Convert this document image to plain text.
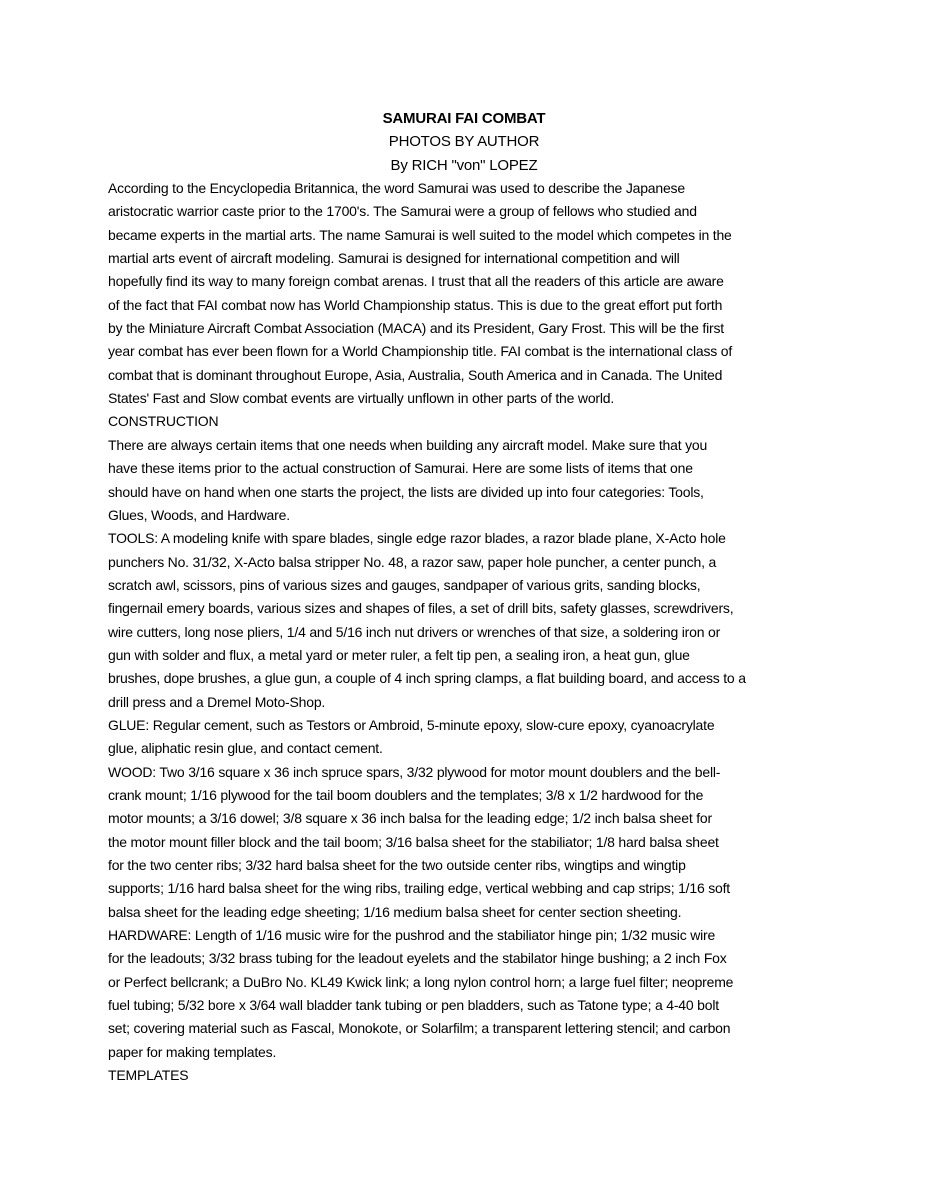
SAMURAI FAI COMBAT
PHOTOS BY AUTHOR
By RICH "von" LOPEZ
According to the Encyclopedia Britannica, the word Samurai was used to describe the Japanese
aristocratic warrior caste prior to the 1700's. The Samurai were a group of fellows who studied and
became experts in the martial arts. The name Samurai is well suited to the model which competes in the
martial arts event of aircraft modeling. Samurai is designed for international competition and will
hopefully find its way to many foreign combat arenas. I trust that all the readers of this article are aware
of the fact that FAI combat now has World Championship status. This is due to the great effort put forth
by the Miniature Aircraft Combat Association (MACA) and its President, Gary Frost. This will be the first
year combat has ever been flown for a World Championship title. FAI combat is the international class of
combat that is dominant throughout Europe, Asia, Australia, South America and in Canada. The United
States' Fast and Slow combat events are virtually unflown in other parts of the world.
CONSTRUCTION
There are always certain items that one needs when building any aircraft model. Make sure that you
have these items prior to the actual construction of Samurai. Here are some lists of items that one
should have on hand when one starts the project, the lists are divided up into four categories: Tools,
Glues, Woods, and Hardware.
TOOLS: A modeling knife with spare blades, single edge razor blades, a razor blade plane, X-Acto hole
punchers No. 31/32, X-Acto balsa stripper No. 48, a razor saw, paper hole puncher, a center punch, a
scratch awl, scissors, pins of various sizes and gauges, sandpaper of various grits, sanding blocks,
fingernail emery boards, various sizes and shapes of files, a set of drill bits, safety glasses, screwdrivers,
wire cutters, long nose pliers, 1/4 and 5/16 inch nut drivers or wrenches of that size, a soldering iron or
gun with solder and flux, a metal yard or meter ruler, a felt tip pen, a sealing iron, a heat gun, glue
brushes, dope brushes, a glue gun, a couple of 4 inch spring clamps, a flat building board, and access to a
drill press and a Dremel Moto-Shop.
GLUE: Regular cement, such as Testors or Ambroid, 5-minute epoxy, slow-cure epoxy, cyanoacrylate
glue, aliphatic resin glue, and contact cement.
WOOD: Two 3/16 square x 36 inch spruce spars, 3/32 plywood for motor mount doublers and the bell-
crank mount; 1/16 plywood for the tail boom doublers and the templates; 3/8 x 1/2 hardwood for the
motor mounts; a 3/16 dowel; 3/8 square x 36 inch balsa for the leading edge; 1/2 inch balsa sheet for
the motor mount filler block and the tail boom; 3/16 balsa sheet for the stabiliator; 1/8 hard balsa sheet
for the two center ribs; 3/32 hard balsa sheet for the two outside center ribs, wingtips and wingtip
supports; 1/16 hard balsa sheet for the wing ribs, trailing edge, vertical webbing and cap strips; 1/16 soft
balsa sheet for the leading edge sheeting; 1/16 medium balsa sheet for center section sheeting.
HARDWARE: Length of 1/16 music wire for the pushrod and the stabiliator hinge pin; 1/32 music wire
for the leadouts; 3/32 brass tubing for the leadout eyelets and the stabilator hinge bushing; a 2 inch Fox
or Perfect bellcrank; a DuBro No. KL49 Kwick link; a long nylon control horn; a large fuel filter; neopreme
fuel tubing; 5/32 bore x 3/64 wall bladder tank tubing or pen bladders, such as Tatone type; a 4-40 bolt
set; covering material such as Fascal, Monokote, or Solarfilm; a transparent lettering stencil; and carbon
paper for making templates.
TEMPLATES
